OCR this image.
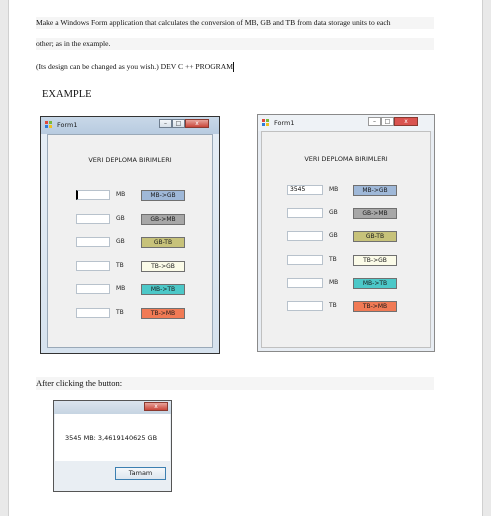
Make a Windows Form application that calculates the conversion of MB, GB and TB from data storage units to each
other; as in the example.
(Its design can be changed as you wish.) DEV C ++ PROGRAM
EXAMPLE
Form1	–	□	x
VERI DEPLOMA BIRIMLERI
MB	MB->GB
GB	GB->MB
GB	GB-TB
TB	TB->GB
MB	MB->TB
TB	TB->MB
Form1	–	□	x
VERI DEPLOMA BIRIMLERI
3545	MB	MB->GB
GB	GB->MB
GB	GB-TB
TB	TB->GB
MB	MB->TB
TB	TB->MB
After clicking the button:
x
3545 MB: 3,4619140625 GB
Tamam
